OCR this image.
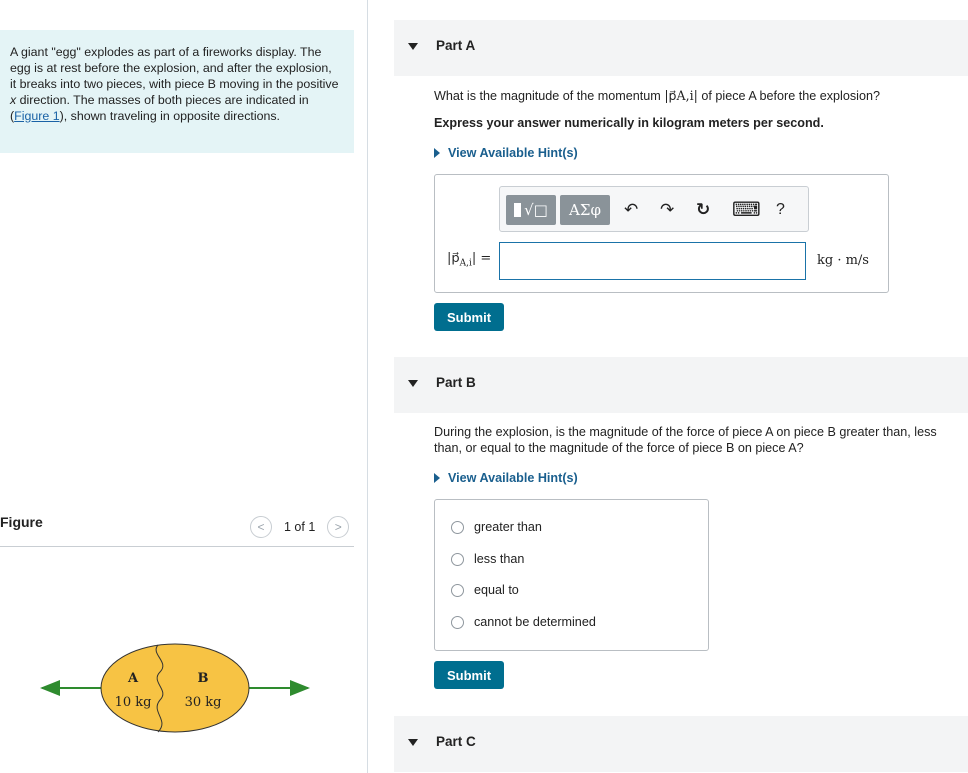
A giant "egg" explodes as part of a fireworks display. The egg is at rest before the explosion, and after the explosion, it breaks into two pieces, with piece B moving in the positive x direction. The masses of both pieces are indicated in (Figure 1), shown traveling in opposite directions.
Figure	< 1 of 1 >
A	B
10 kg	30 kg
Part A
What is the magnitude of the momentum |p⃗A,i| of piece A before the explosion?
Express your answer numerically in kilogram meters per second.
View Available Hint(s)
√□	ΑΣφ	↶ ↷ ↻ ⌨ ?
$|p⃗_{A,i}|$ =	kg · m/s
Submit
Part B
During the explosion, is the magnitude of the force of piece A on piece B greater than, less than, or equal to the magnitude of the force of piece B on piece A?
View Available Hint(s)
greater than
less than
equal to
cannot be determined
Submit
Part C
